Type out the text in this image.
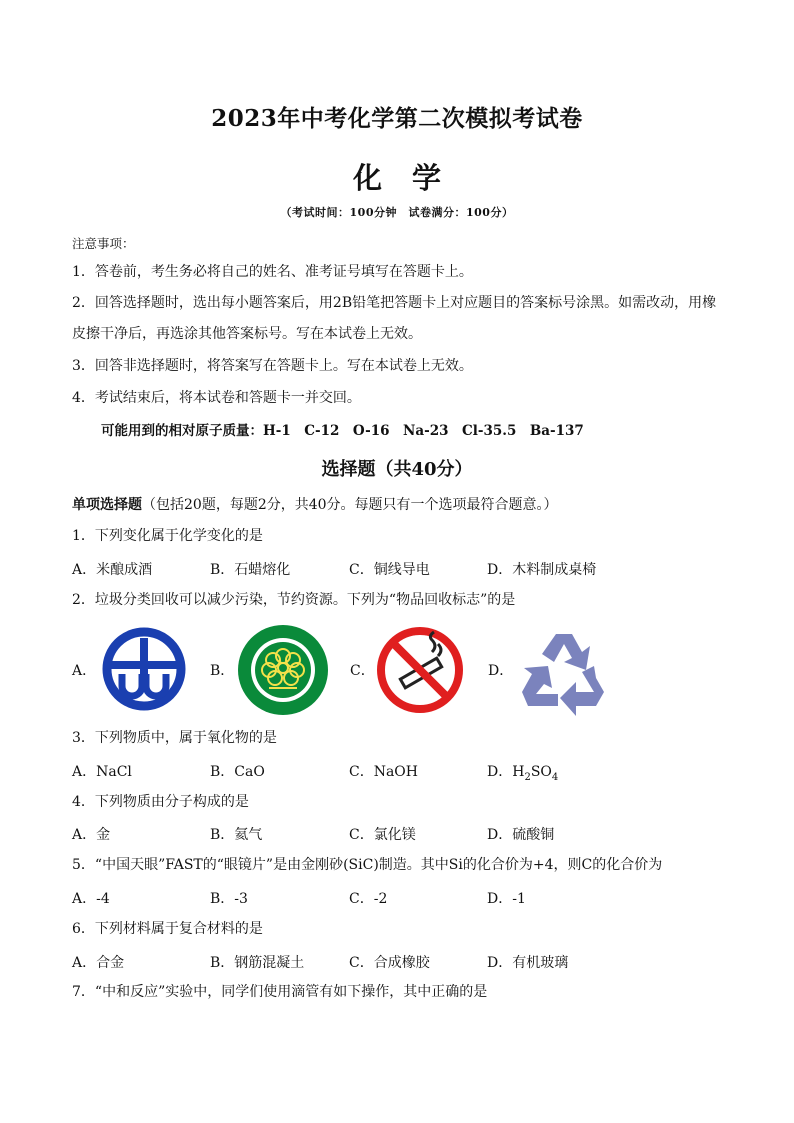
2023年中考化学第二次模拟考试卷
化学
（考试时间：100分钟　试卷满分：100分）
注意事项：
1．答卷前，考生务必将自己的姓名、准考证号填写在答题卡上。
2．回答选择题时，选出每小题答案后，用2B铅笔把答题卡上对应题目的答案标号涂黑。如需改动，用橡
皮擦干净后，再选涂其他答案标号。写在本试卷上无效。
3．回答非选择题时，将答案写在答题卡上。写在本试卷上无效。
4．考试结束后，将本试卷和答题卡一并交回。
可能用到的相对原子质量：H-1　C-12　O-16　Na-23　Cl-35.5　Ba-137
选择题（共40分）
单项选择题（包括20题，每题2分，共40分。每题只有一个选项最符合题意。）
1．下列变化属于化学变化的是
A．米酿成酒	B．石蜡熔化	C．铜线导电	D．木料制成桌椅
2．垃圾分类回收可以减少污染，节约资源。下列为“物品回收标志”的是
A．	B．	C．	D．
3．下列物质中，属于氧化物的是
A．NaCl	B．CaO	C．NaOH	D．$H_2SO_4$
4．下列物质由分子构成的是
A．金	B．氦气	C．氯化镁	D．硫酸铜
5．“中国天眼”FAST的“眼镜片”是由金刚砂(SiC)制造。其中Si的化合价为+4，则C的化合价为
A．-4	B．-3	C．-2	D．-1
6．下列材料属于复合材料的是
A．合金	B．钢筋混凝土	C．合成橡胶	D．有机玻璃
7．“中和反应”实验中，同学们使用滴管有如下操作，其中正确的是
